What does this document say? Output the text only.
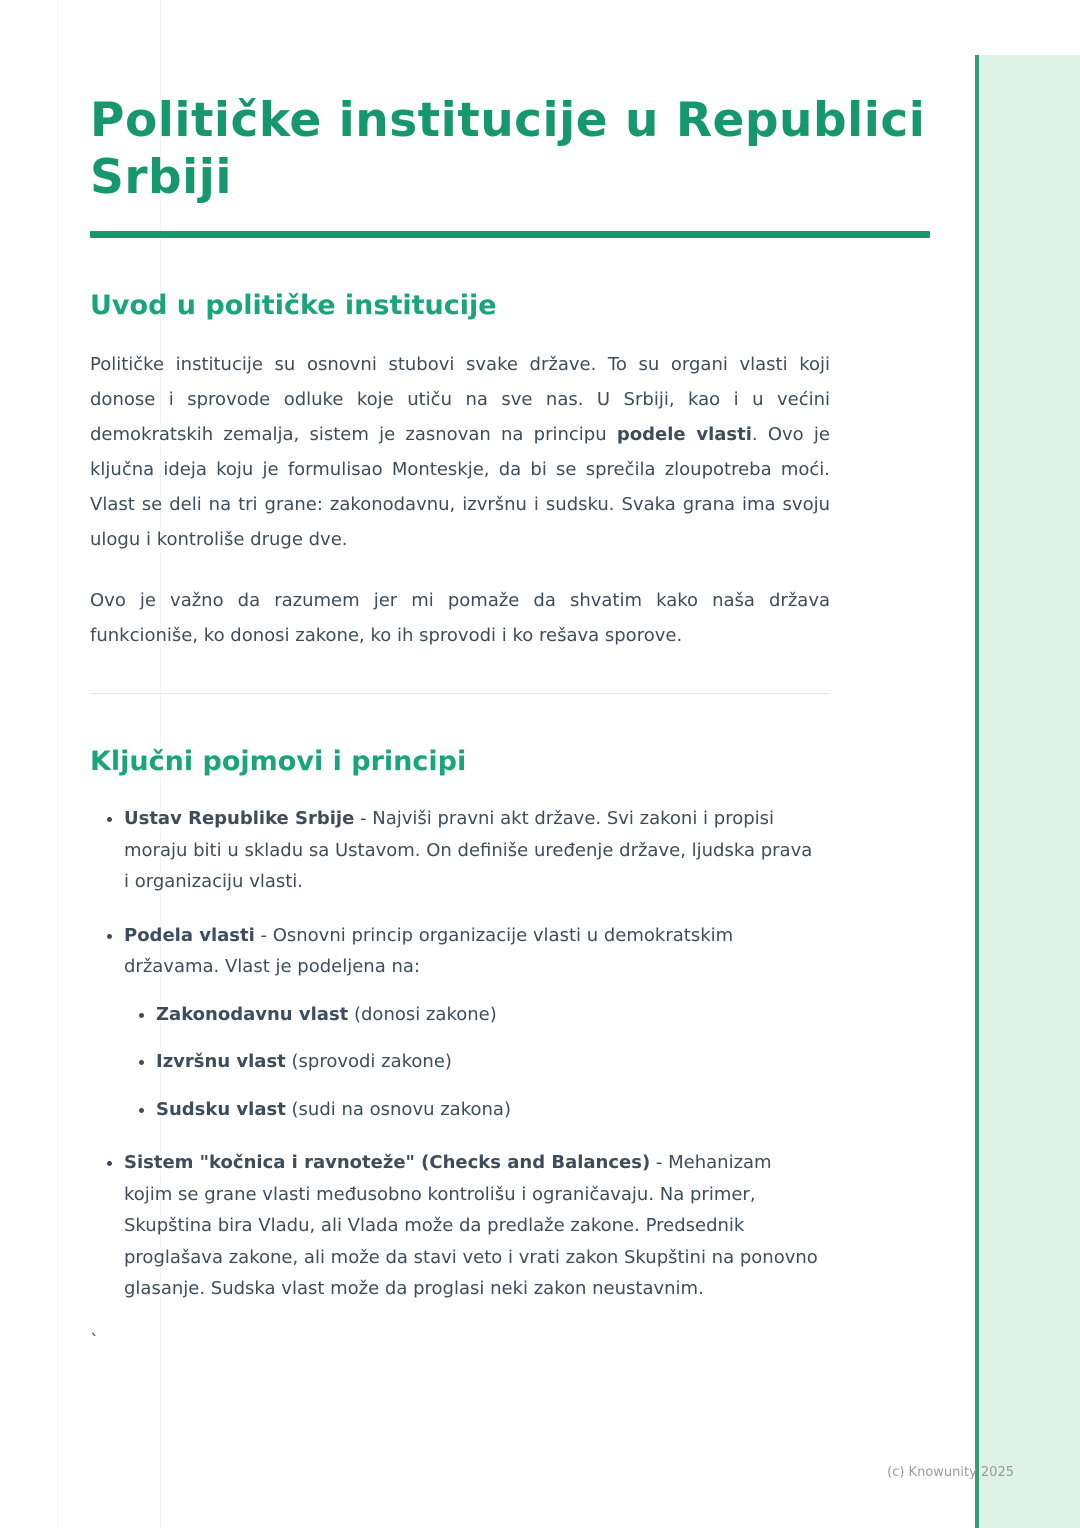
Političke institucije u Republici Srbiji
Uvod u političke institucije

Političke institucije su osnovni stubovi svake države. To su organi vlasti koji donose i sprovode odluke koje utiču na sve nas. U Srbiji, kao i u većini demokratskih zemalja, sistem je zasnovan na principu podele vlasti. Ovo je ključna ideja koju je formulisao Monteskje, da bi se sprečila zloupotreba moći. Vlast se deli na tri grane: zakonodavnu, izvršnu i sudsku. Svaka grana ima svoju ulogu i kontroliše druge dve.

Ovo je važno da razumem jer mi pomaže da shvatim kako naša država funkcioniše, ko donosi zakone, ko ih sprovodi i ko rešava sporove.

Ključni pojmovi i principi
• Ustav Republike Srbije - Najviši pravni akt države. Svi zakoni i propisi moraju biti u skladu sa Ustavom. On definiše uređenje države, ljudska prava i organizaciju vlasti.
• Podela vlasti - Osnovni princip organizacije vlasti u demokratskim državama. Vlast je podeljena na:
• Zakonodavnu vlast (donosi zakone)
• Izvršnu vlast (sprovodi zakone)
• Sudsku vlast (sudi na osnovu zakona)
• Sistem "kočnica i ravnoteže" (Checks and Balances) - Mehanizam kojim se grane vlasti međusobno kontrolišu i ograničavaju. Na primer, Skupština bira Vladu, ali Vlada može da predlaže zakone. Predsednik proglašava zakone, ali može da stavi veto i vrati zakon Skupštini na ponovno glasanje. Sudska vlast može da proglasi neki zakon neustavnim.
`
(c) Knowunity 2025
